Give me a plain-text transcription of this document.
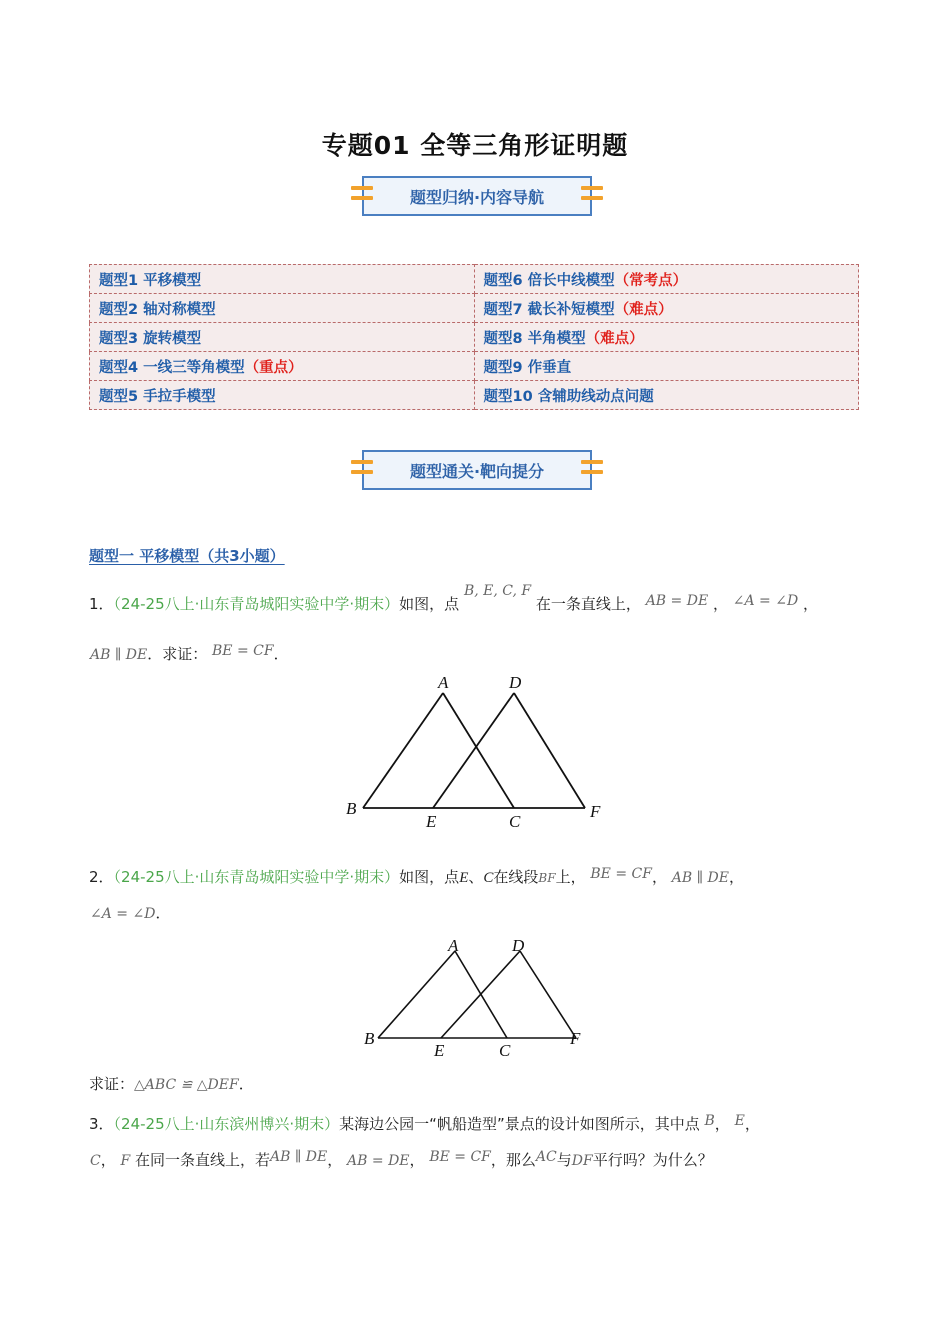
专题01 全等三角形证明题
题型归纳·内容导航
题型1 平移模型	题型6 倍长中线模型（常考点）
题型2 轴对称模型	题型7 截长补短模型（难点）
题型3 旋转模型	题型8 半角模型（难点）
题型4 一线三等角模型（重点）	题型9 作垂直
题型5 手拉手模型	题型10 含辅助线动点问题
题型通关·靶向提分
题型一 平移模型（共3小题）
1．（24-25八上·山东青岛城阳实验中学·期末）如图，点 B, E, C, F 在一条直线上， AB = DE ， ∠A = ∠D ，
AB ∥ DE．求证： BE = CF．
A	D
B
E	C
F
2．（24-25八上·山东青岛城阳实验中学·期末）如图，点E、C在线段BF上， BE = CF， AB ∥ DE，
∠A = ∠D．
A	D
B
E	C
F
求证：△ABC ≌ △DEF．
3．（24-25八上·山东滨州博兴·期末）某海边公园一“帆船造型”景点的设计如图所示，其中点 B， E，
C， F 在同一条直线上，若AB ∥ DE， AB = DE， BE = CF，那么AC与DF平行吗？为什么？
